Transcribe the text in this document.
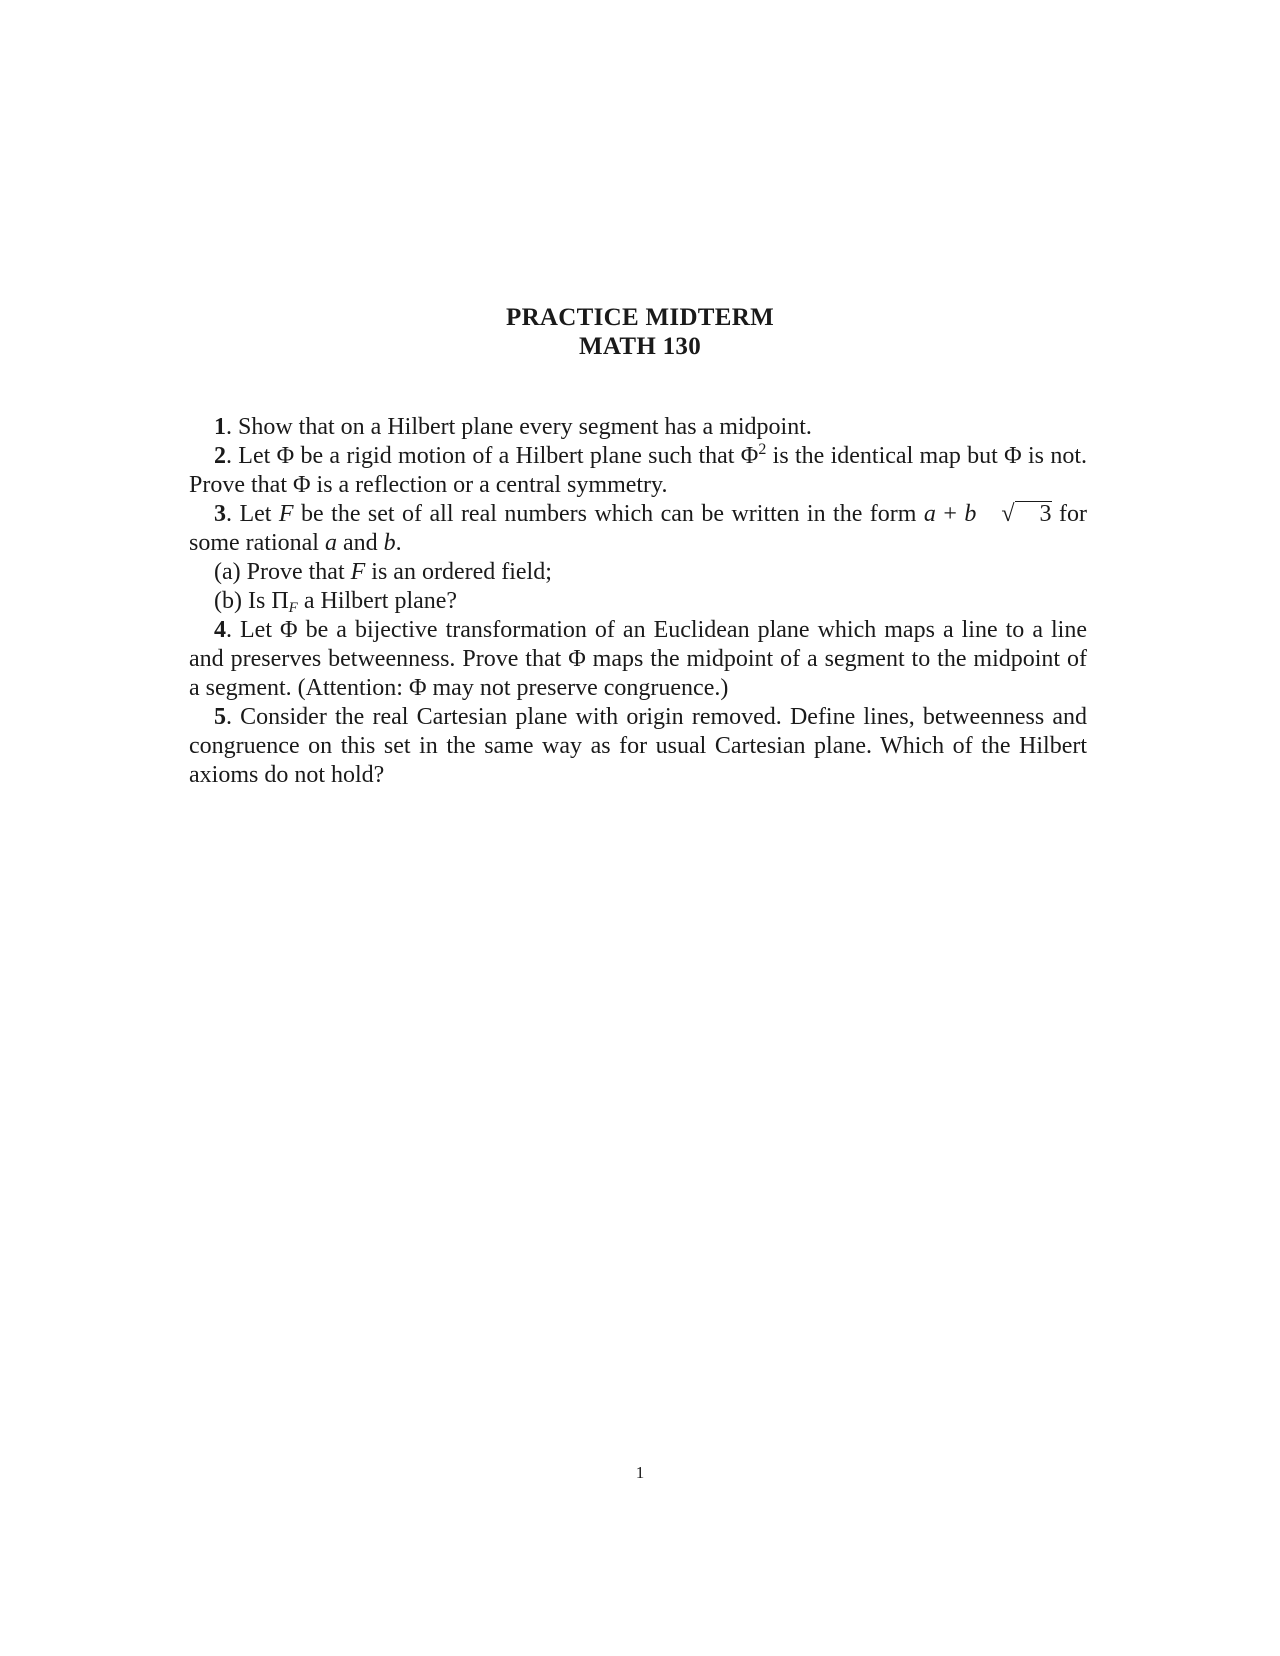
PRACTICE MIDTERM
MATH 130
1. Show that on a Hilbert plane every segment has a midpoint.
2. Let Φ be a rigid motion of a Hilbert plane such that $\Phi^2$ is the identical map but Φ is not. Prove that Φ is a reflection or a central symmetry.
3. Let F be the set of all real numbers which can be written in the form a + b √ 3 for some rational a and b.
(a) Prove that F is an ordered field;
(b) Is $\Pi_F$ a Hilbert plane?
4. Let Φ be a bijective transformation of an Euclidean plane which maps a line to a line and preserves betweenness. Prove that Φ maps the midpoint of a segment to the midpoint of a segment. (Attention: Φ may not preserve congruence.)
5. Consider the real Cartesian plane with origin removed. Define lines, betweenness and congruence on this set in the same way as for usual Cartesian plane. Which of the Hilbert axioms do not hold?
1
